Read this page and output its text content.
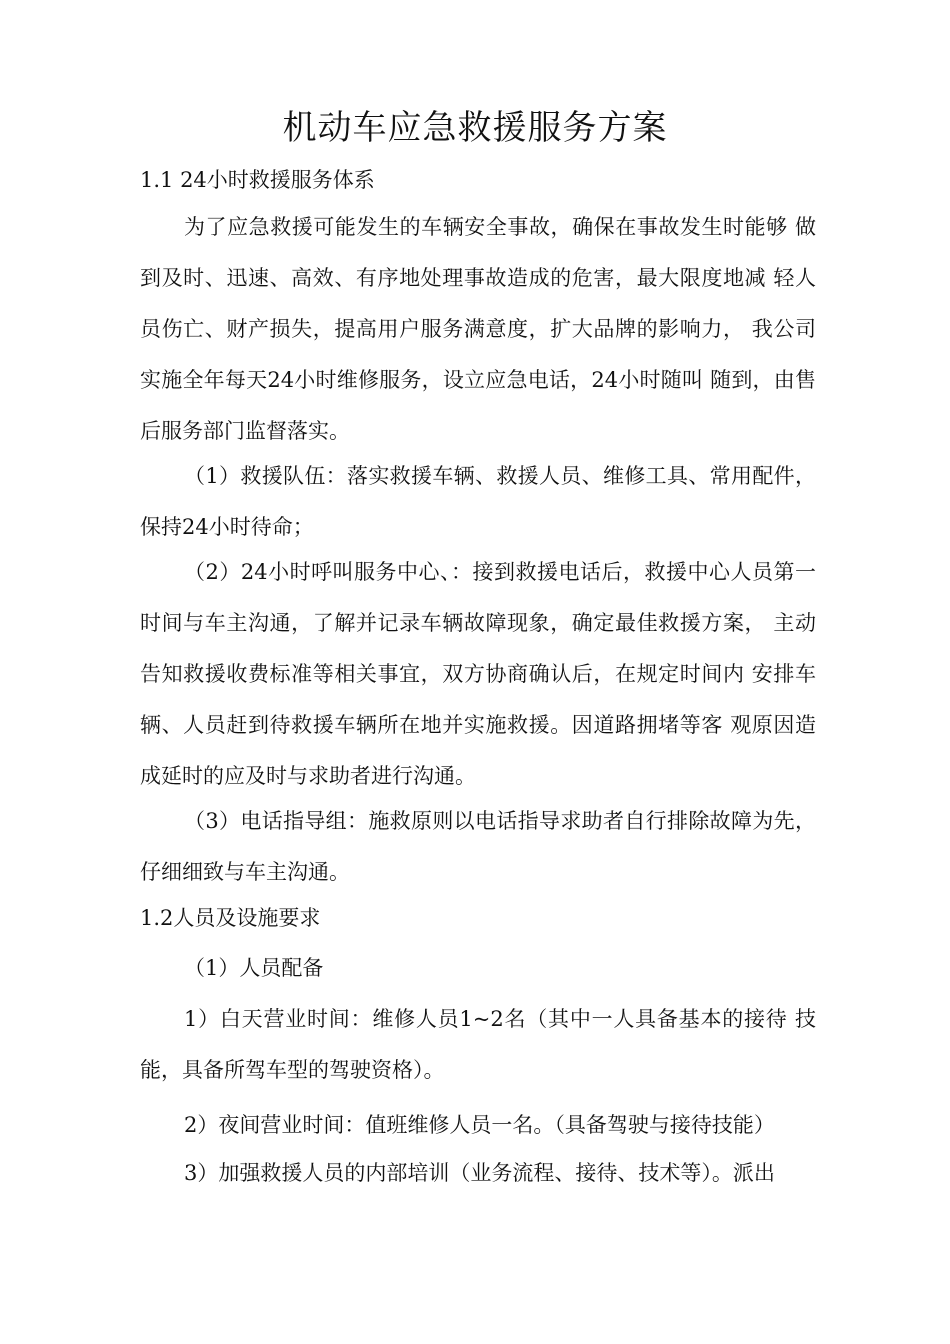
机动车应急救援服务方案
1.1 24小时救援服务体系
为了应急救援可能发生的车辆安全事故，确保在事故发生时能够 做到及时、迅速、高效、有序地处理事故造成的危害，最大限度地减 轻人员伤亡、财产损失，提高用户服务满意度，扩大品牌的影响力， 我公司实施全年每天24小时维修服务，设立应急电话，24小时随叫 随到，由售后服务部门监督落实。
（1）救援队伍：落实救援车辆、救援人员、维修工具、常用配件，保持24小时待命；
（2）24小时呼叫服务中心、：接到救援电话后，救援中心人员第一时间与车主沟通，了解并记录车辆故障现象，确定最佳救援方案， 主动告知救援收费标准等相关事宜，双方协商确认后，在规定时间内 安排车辆、人员赶到待救援车辆所在地并实施救援。因道路拥堵等客 观原因造成延时的应及时与求助者进行沟通。
（3）电话指导组：施救原则以电话指导求助者自行排除故障为先，仔细细致与车主沟通。
1.2人员及设施要求
（1）人员配备
1）白天营业时间：维修人员1~2名（其中一人具备基本的接待 技能，具备所驾车型的驾驶资格）。
2）夜间营业时间：值班维修人员一名。（具备驾驶与接待技能）
3）加强救援人员的内部培训（业务流程、接待、技术等）。派出
